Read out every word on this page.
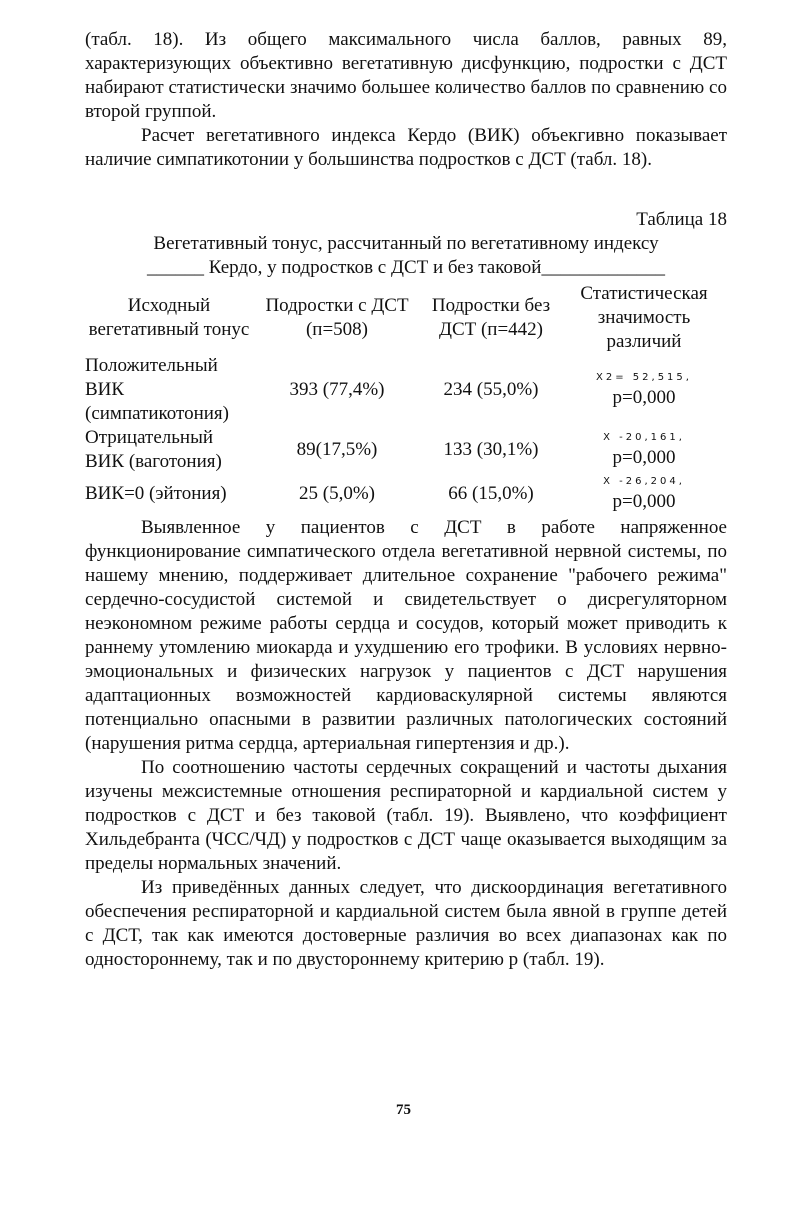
(табл. 18). Из общего максимального числа баллов, равных 89, характеризующих объективно вегетативную дисфункцию, подростки с ДСТ набирают статистически значимо большее количество баллов по сравнению со второй группой.

Расчет вегетативного индекса Кердо (ВИК) объекгивно показывает наличие симпатикотонии у большинства подростков с ДСТ (табл. 18).

Таблица 18

Вегетативный тонус, рассчитанный по вегетативному индексу
______ Кердо, у подростков с ДСТ и без таковой_____________

Исходный вегетативный тонус	Подростки с ДСТ (п=508)	Подростки без ДСТ (п=442)	Статистическая значимость различий
Положительный ВИК (симпатикотония)	393 (77,4%)	234 (55,0%)	X2= 52,515,
р=0,000

Отрицательный ВИК (ваготония)	89(17,5%)	133 (30,1%)	Х -20,161,
р=0,000

ВИК=0 (эйтония)	25 (5,0%)	66 (15,0%)	Х -26,204,
р=0,000

Выявленное у пациентов с ДСТ в работе напряженное функционирование симпатического отдела вегетативной нервной системы, по нашему мнению, поддерживает длительное сохранение "рабочего режима" сердечно-сосудистой системой и свидетельствует о дисрегуляторном неэкономном режиме работы сердца и сосудов, который может приводить к раннему утомлению миокарда и ухудшению его трофики. В условиях нервно-эмоциональных и физических нагрузок у пациентов с ДСТ нарушения адаптационных возможностей кардиоваскулярной системы являются потенциально опасными в развитии различных патологических состояний (нарушения ритма сердца, артериальная гипертензия и др.).

По соотношению частоты сердечных сокращений и частоты дыхания изучены межсистемные отношения респираторной и кардиальной систем у подростков с ДСТ и без таковой (табл. 19). Выявлено, что коэффициент Хильдебранта (ЧСС/ЧД) у подростков с ДСТ чаще оказывается выходящим за пределы нормальных значений.

Из приведённых данных следует, что дискоординация вегетативного обеспечения респираторной и кардиальной систем была явной в группе детей с ДСТ, так как имеются достоверные различия во всех диапазонах как по одностороннему, так и по двустороннему критерию р (табл. 19).

75
